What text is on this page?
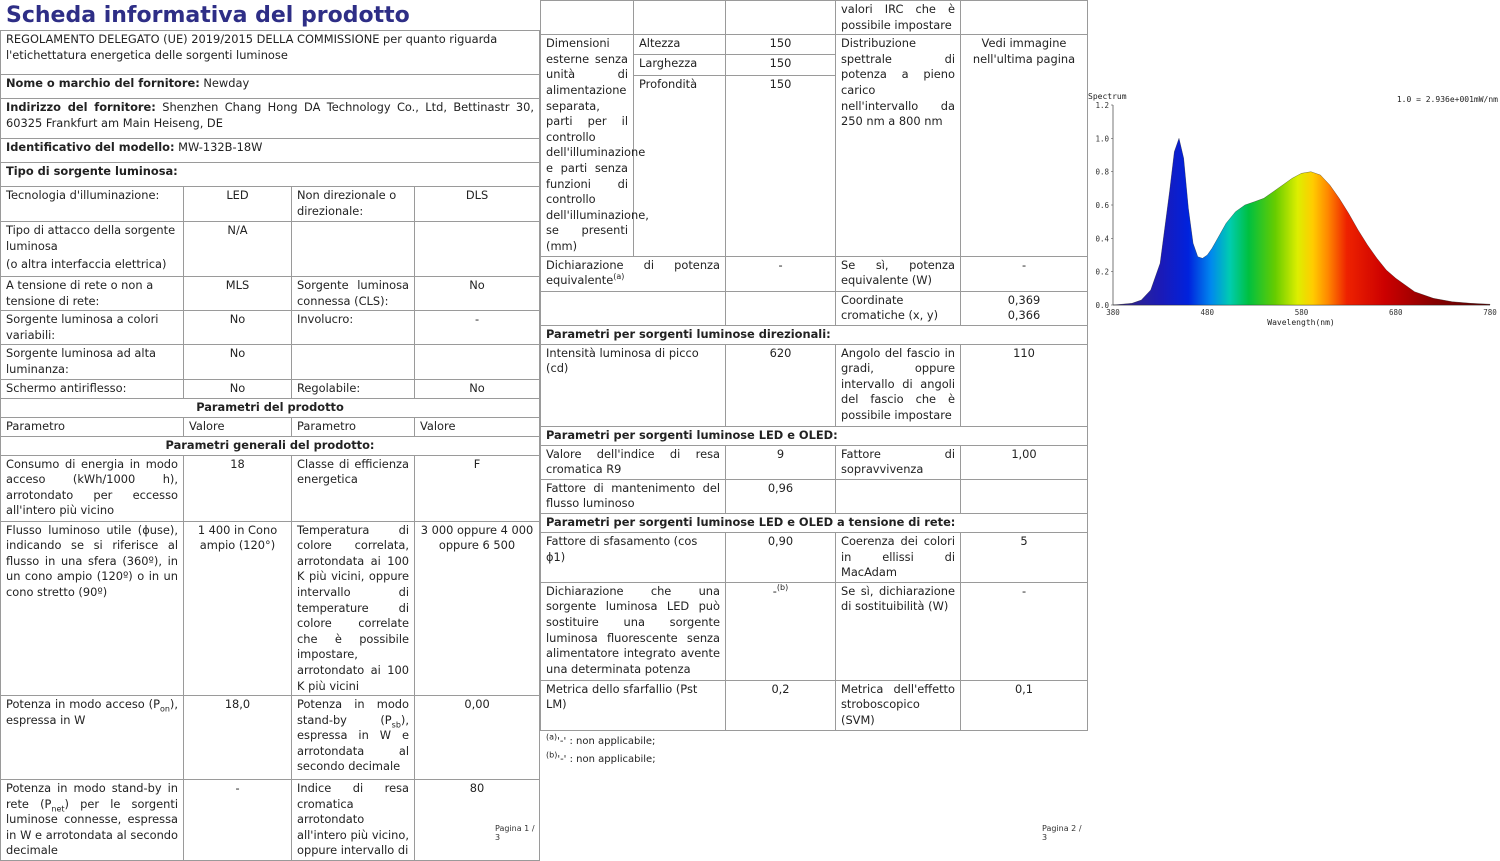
Scheda informativa del prodotto
REGOLAMENTO DELEGATO (UE) 2019/2015 DELLA COMMISSIONE per quanto riguarda l'etichettatura energetica delle sorgenti luminose			
Nome o marchio del fornitore: Newday			
Indirizzo del fornitore: Shenzhen Chang Hong DA Technology Co., Ltd, Bettinastr 30, 60325 Frankfurt am Main Heiseng, DE			
Identificativo del modello: MW-132B-18W			
Tipo di sorgente luminosa:			
Tecnologia d'illuminazione:	LED	Non direzionale o direzionale:	DLS

Tipo di attacco della sorgente luminosa
(o altra interfaccia elettrica)	N/A		
A tensione di rete o non a tensione di rete:	MLS	Sorgente luminosa connessa (CLS):	No
Sorgente luminosa a colori variabili:	No	Involucro:	-
Sorgente luminosa ad alta luminanza:	No		
Schermo antiriflesso:	No	Regolabile:	No
Parametri del prodotto			
Parametro	Valore	Parametro	Valore
Parametri generali del prodotto:			
Consumo di energia in modo acceso (kWh/1000 h), arrotondato per eccesso all'intero più vicino	18	Classe di efficienza energetica	F
Flusso luminoso utile (ϕuse), indicando se si riferisce al flusso in una sfera (360º), in un cono ampio (120º) o in un cono stretto (90º)	1 400 in Cono ampio (120°)	Temperatura di colore correlata, arrotondata ai 100 K più vicini, oppure intervallo di temperature di colore correlate che è possibile impostare, arrotondato ai 100 K più vicini	3 000 oppure 4 000 oppure 6 500
Potenza in modo acceso $(P_{on})$, espressa in W	18,0	Potenza in modo stand-by $(P_{sb})$, espressa in W e arrotondata al secondo decimale	0,00
Potenza in modo stand-by in rete $(P_{net})$ per le sorgenti luminose connesse, espressa in W e arrotondata al secondo decimale	-	Indice di resa cromatica arrotondato all'intero più vicino, oppure intervallo di	80
Pagina 1 / 3
			valori IRC che è possibile impostare	
Dimensioni esterne senza unità di alimentazione separata, parti per il controllo dell'illuminazione e parti senza funzioni di controllo dell'illuminazione, se presenti (mm)	Altezza	150	Distribuzione spettrale di potenza a pieno carico nell'intervallo da 250 nm a 800 nm	Vedi immagine nell'ultima pagina
	Larghezza	150		
	Profondità	150		
Dichiarazione di potenza equivalente$^{(a)}$		-	Se sì, potenza equivalente (W)	-
			Coordinate cromatiche (x, y)	0,369
0,366

Parametri per sorgenti luminose direzionali:				
Intensità luminosa di picco (cd)		620	Angolo del fascio in gradi, oppure intervallo di angoli del fascio che è possibile impostare	110
Parametri per sorgenti luminose LED e OLED:				
Valore dell'indice di resa cromatica R9		9	Fattore di sopravvivenza	1,00
Fattore di mantenimento del flusso luminoso		0,96		
Parametri per sorgenti luminose LED e OLED a tensione di rete:				
Fattore di sfasamento (cos ϕ1)		0,90	Coerenza dei colori in ellissi di MacAdam	5
Dichiarazione che una sorgente luminosa LED può sostituire una sorgente luminosa fluorescente senza alimentatore integrato avente una determinata potenza		-$^{(b)}$	Se sì, dichiarazione di sostituibilità (W)	-
Metrica dello sfarfallio (Pst LM)		0,2	Metrica dell'effetto stroboscopico (SVM)	0,1
$^{(a)}$'-' : non applicabile;
$^{(b)}$'-' : non applicabile;
Pagina 2 / 3
Spectrum	1.0 = 2.936e+001mW/nm
0.0
0.2
0.4
0.6
0.8
1.0
1.2
380	480	580	680	780
Wavelength(nm)
